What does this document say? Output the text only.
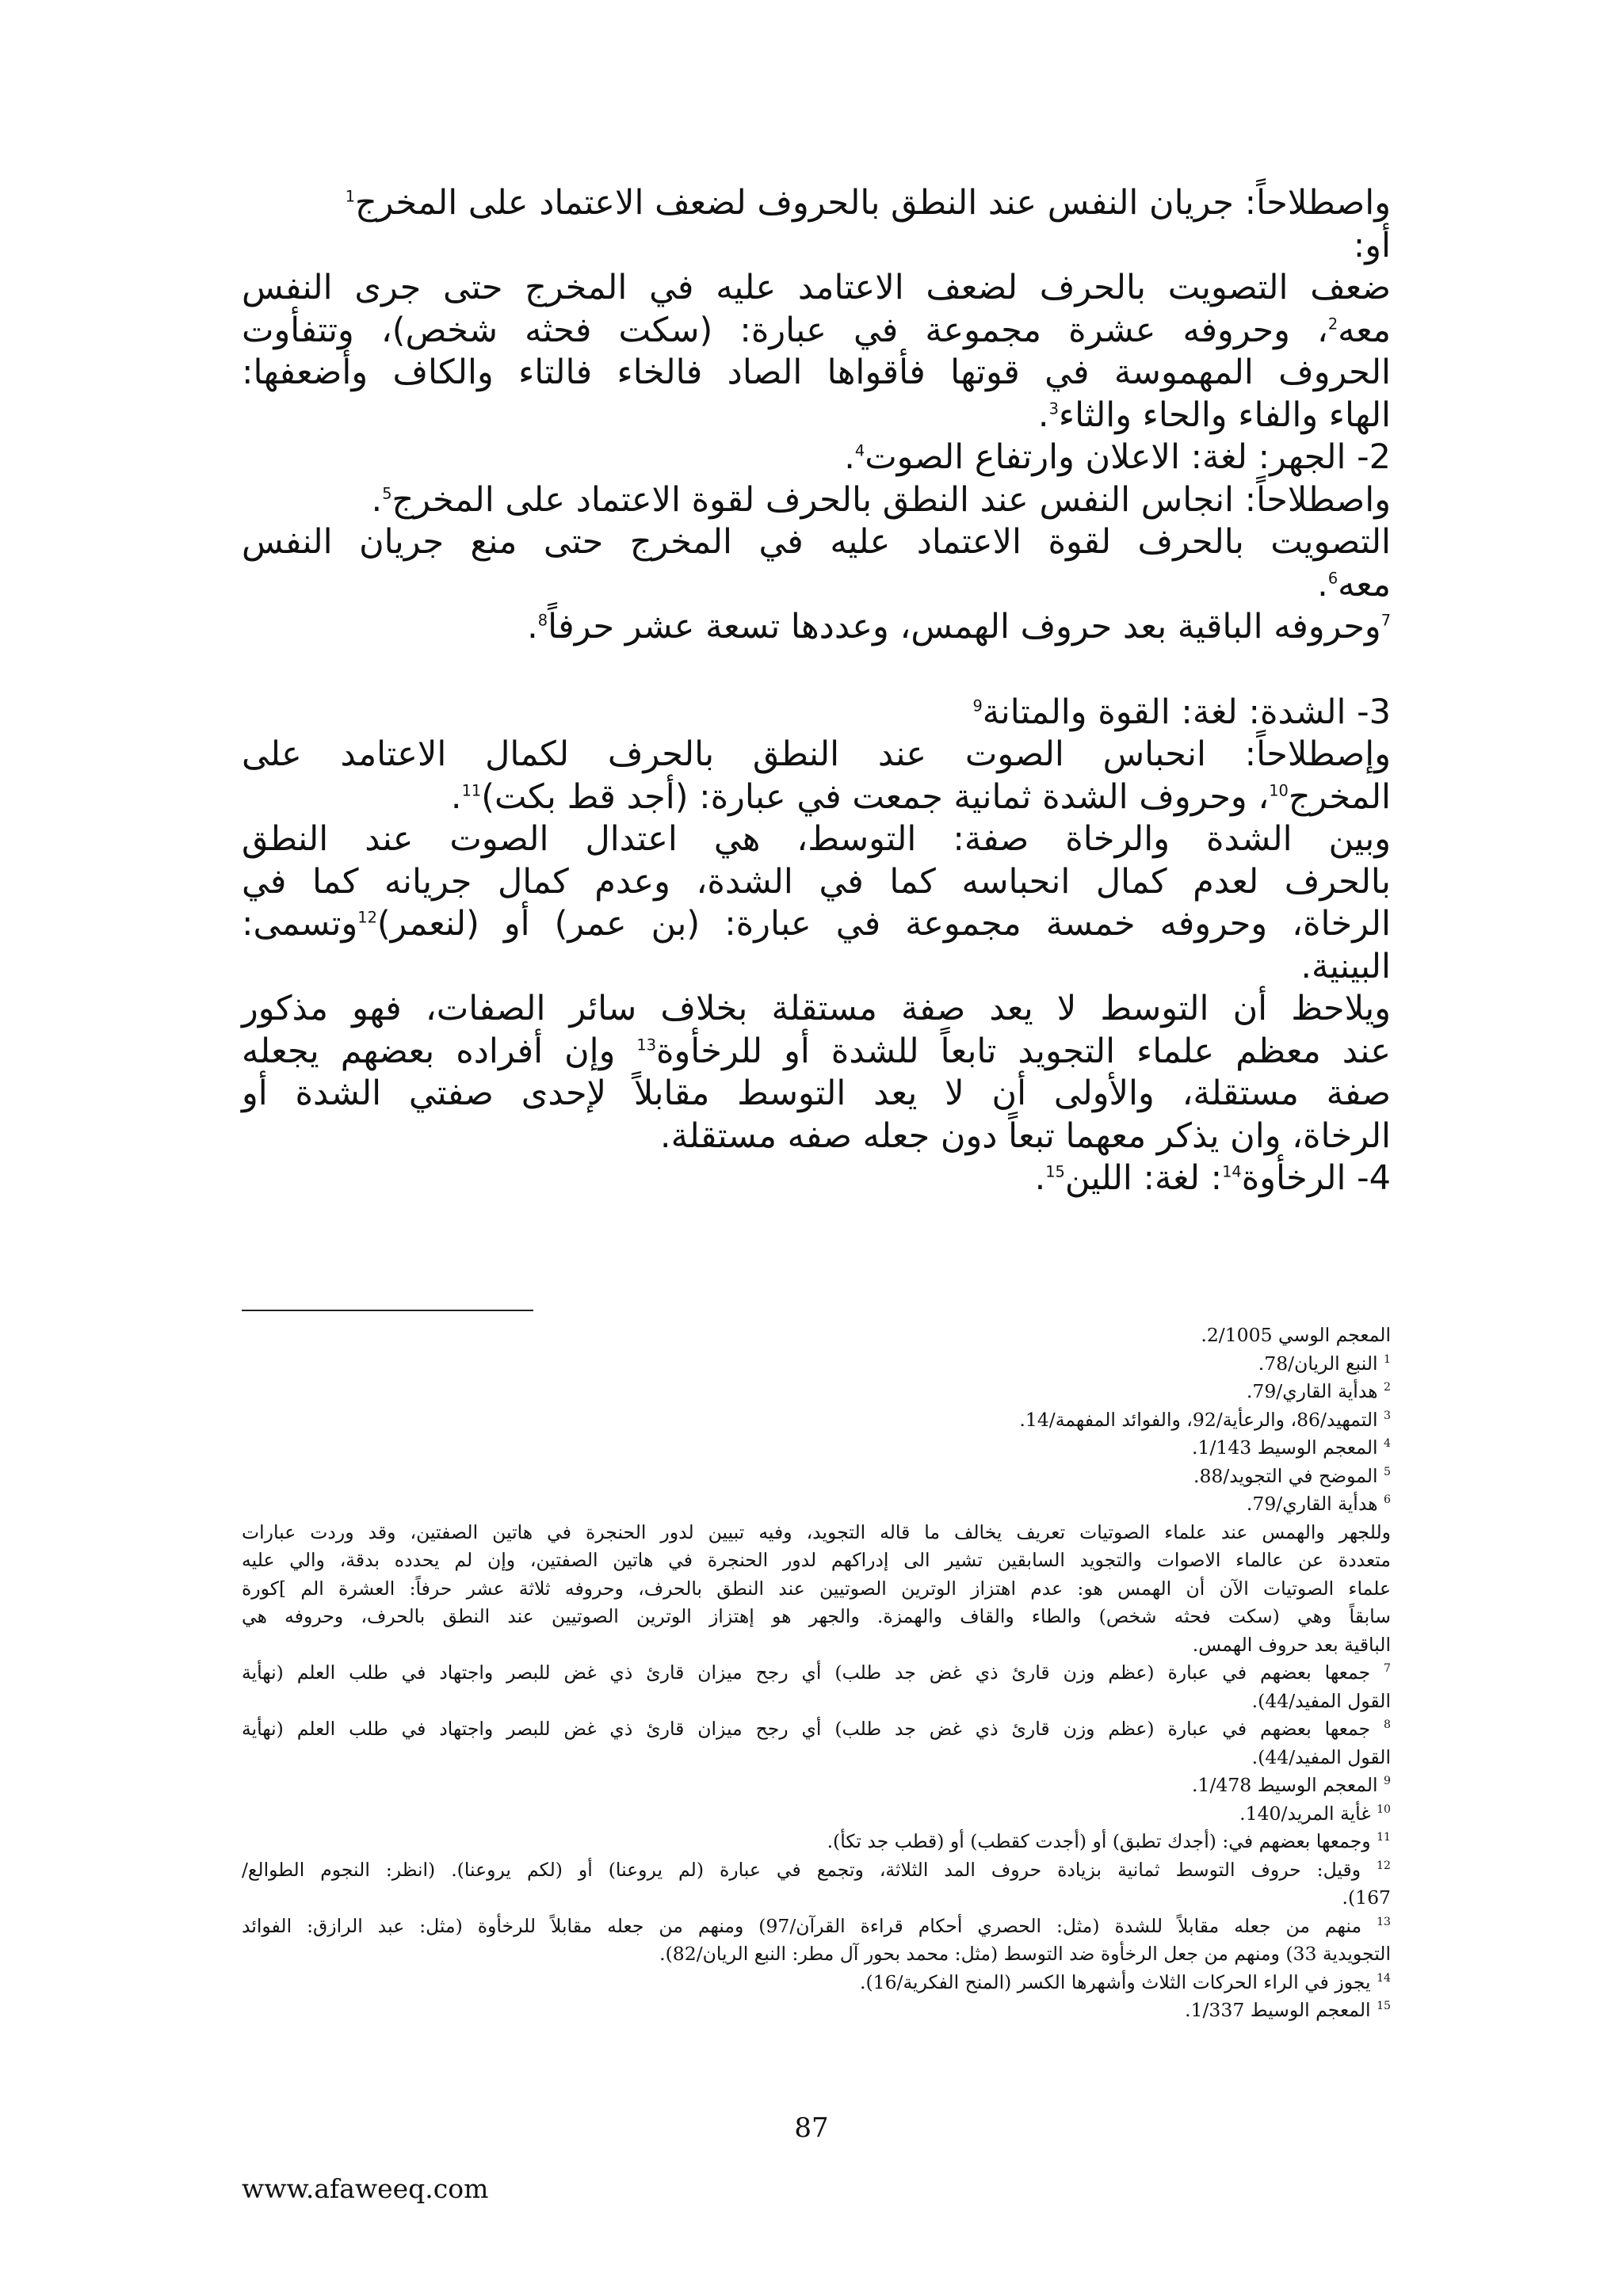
واصطلاحاً: جريان النفس عند النطق بالحروف لضعف الاعتماد على المخرج$^1$
أو:
ضعف التصويت بالحرف لضعف الاعتامد عليه في المخرج حتى جرى النفس
معه$^2$، وحروفه عشرة مجموعة في عبارة: (سكت فحثه شخص)، وتتفأوت
الحروف المهموسة في قوتها فأقواها الصاد فالخاء فالتاء والكاف وأضعفها:
الهاء والفاء والحاء والثاء$^3$.
2- الجهر: لغة: الاعلان وارتفاع الصوت$^4$.
واصطلاحاً: انجاس النفس عند النطق بالحرف لقوة الاعتماد على المخرج$^5$.
التصويت بالحرف لقوة الاعتماد عليه في المخرج حتى منع جريان النفس
معه$^6$.
$^7$وحروفه الباقية بعد حروف الهمس، وعددها تسعة عشر حرفاً$^8$.
3- الشدة: لغة: القوة والمتانة$^9$
وإصطلاحاً: انحباس الصوت عند النطق بالحرف لكمال الاعتامد على
المخرج$^{10}$، وحروف الشدة ثمانية جمعت في عبارة: (أجد قط بكت)$^{11}$.
وبين الشدة والرخاة صفة: التوسط، هي اعتدال الصوت عند النطق
بالحرف لعدم كمال انحباسه كما في الشدة، وعدم كمال جريانه كما في
الرخاة، وحروفه خمسة مجموعة في عبارة: (بن عمر) أو (لنعمر)$^{12}$وتسمى:
البينية.
ويلاحظ أن التوسط لا يعد صفة مستقلة بخلاف سائر الصفات، فهو مذكور
عند معظم علماء التجويد تابعاً للشدة أو للرخأوة$^{13}$ وإن أفراده بعضهم يجعله
صفة مستقلة، والأولى أن لا يعد التوسط مقابلاً لإحدى صفتي الشدة أو
الرخاة، وان يذكر معهما تبعاً دون جعله صفه مستقلة.
4- الرخأوة$^{14}$: لغة: اللين$^{15}$.
المعجم الوسي 2/1005.
$^1$ النبع الريان/78.
$^2$ هدأية القاري/79.
$^3$ التمهيد/86، والرعأية/92، والفوائد المفهمة/14.
$^4$ المعجم الوسيط 1/143.
$^5$ الموضح في التجويد/88.
$^6$ هدأية القاري/79.
وللجهر والهمس عند علماء الصوتيات تعريف يخالف ما قاله التجويد، وفيه تبيين لدور الحنجرة في هاتين الصفتين، وقد وردت عبارات
متعددة عن عالماء الاصوات والتجويد السابقين تشير الى إدراكهم لدور الحنجرة في هاتين الصفتين، وإن لم يحدده بدقة، والي عليه
علماء الصوتيات الآن أن الهمس هو: عدم اهتزاز الوترين الصوتيين عند النطق بالحرف، وحروفه ثلاثة عشر حرفاً: العشرة الم ]كورة
سابقاً وهي (سكت فحثه شخص) والطاء والقاف والهمزة. والجهر هو إهتزاز الوترين الصوتيين عند النطق بالحرف، وحروفه هي
الباقية بعد حروف الهمس.
$^7$ جمعها بعضهم في عبارة (عظم وزن قارئ ذي غض جد طلب) أي رجح ميزان قارئ ذي غض للبصر واجتهاد في طلب العلم (نهأية
القول المفيد/44).
$^8$ جمعها بعضهم في عبارة (عظم وزن قارئ ذي غض جد طلب) أي رجح ميزان قارئ ذي غض للبصر واجتهاد في طلب العلم (نهأية
القول المفيد/44).
$^9$ المعجم الوسيط 1/478.
$^{10}$ غأية المريد/140.
$^{11}$ وجمعها بعضهم في: (أجدك تطبق) أو (أجدت كقطب) أو (قطب جد تكأ).
$^{12}$ وقيل: حروف التوسط ثمانية بزيادة حروف المد الثلاثة، وتجمع في عبارة (لم يروعنا) أو (لكم يروعنا). (انظر: النجوم الطوالع/
167).
$^{13}$ منهم من جعله مقابلاً للشدة (مثل: الحصري أحكام قراءة القرآن/97) ومنهم من جعله مقابلاً للرخأوة (مثل: عبد الرازق: الفوائد
التجويدية 33) ومنهم من جعل الرخأوة ضد التوسط (مثل: محمد بحور آل مطر: النبع الريان/82).
$^{14}$ يجوز في الراء الحركات الثلاث وأشهرها الكسر (المنح الفكرية/16).
$^{15}$ المعجم الوسيط 1/337.
87
www.afaweeq.com
